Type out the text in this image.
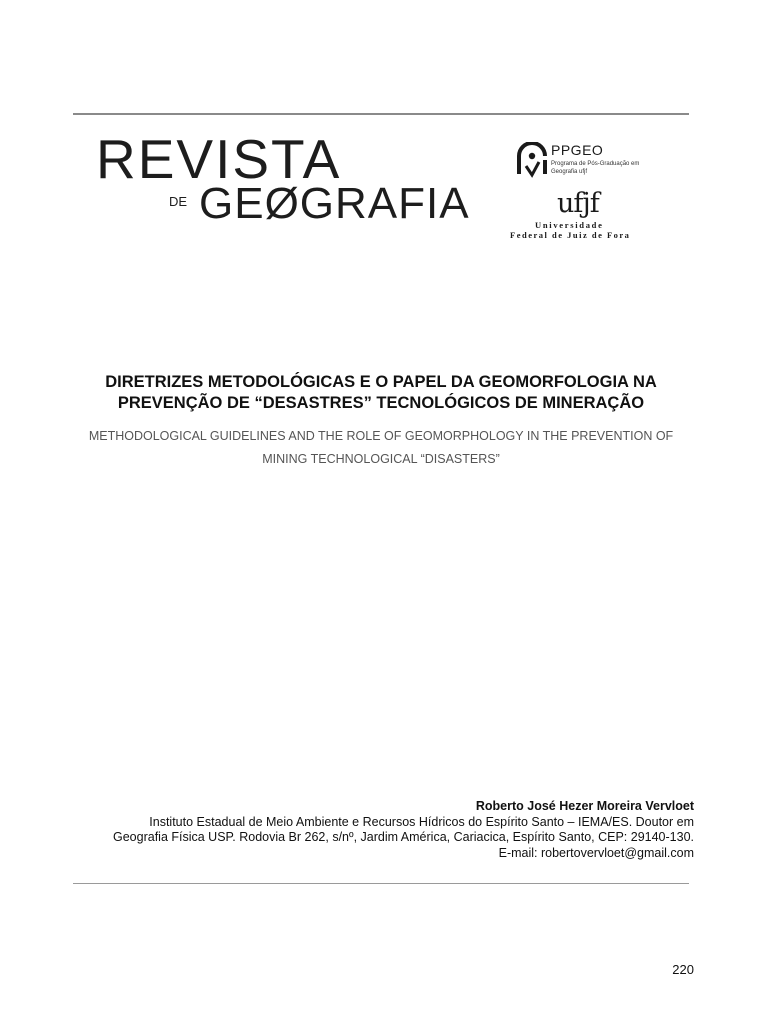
REVISTA
DE GEØGRAFIA
PPGEO
Programa de Pós-Graduação em Geografia ufjf
ufjf
Universidade
Federal de Juiz de Fora
DIRETRIZES METODOLÓGICAS E O PAPEL DA GEOMORFOLOGIA NA
PREVENÇÃO DE “DESASTRES” TECNOLÓGICOS DE MINERAÇÃO
METHODOLOGICAL GUIDELINES AND THE ROLE OF GEOMORPHOLOGY IN THE PREVENTION OF
MINING TECHNOLOGICAL “DISASTERS”
Roberto José Hezer Moreira Vervloet
Instituto Estadual de Meio Ambiente e Recursos Hídricos do Espírito Santo – IEMA/ES. Doutor em
Geografia Física USP. Rodovia Br 262, s/nº, Jardim América, Cariacica, Espírito Santo, CEP: 29140-130.
E-mail: robertovervloet@gmail.com
220
